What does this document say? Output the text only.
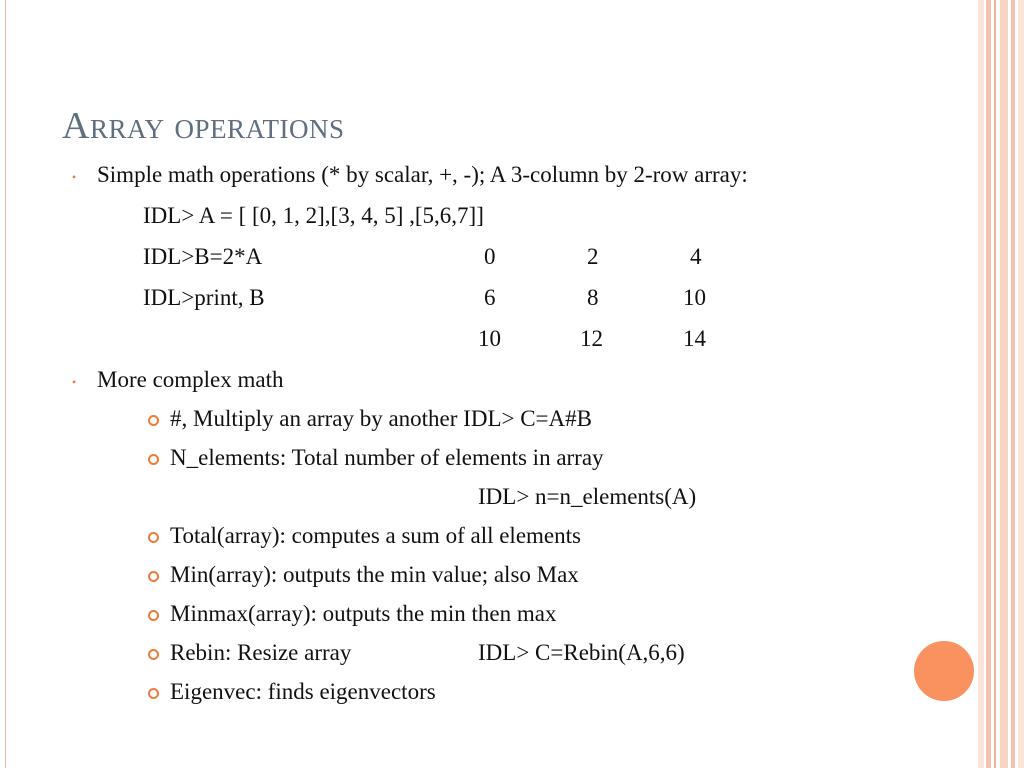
Array operations
• Simple math operations (* by scalar, +, -); A 3-column by 2-row array:
IDL> A = [ [0, 1, 2],[3, 4, 5] ,[5,6,7]]
IDL>B=2*A
IDL>print, B
0	2	4
6	8	10
10	12	14
• More complex math
#, Multiply an array by another IDL> C=A#B
N_elements: Total number of elements in array
IDL> n=n_elements(A)
Total(array): computes a sum of all elements
Min(array): outputs the min value; also Max
Minmax(array): outputs the min then max
Rebin: Resize array	IDL> C=Rebin(A,6,6)
Eigenvec: finds eigenvectors
